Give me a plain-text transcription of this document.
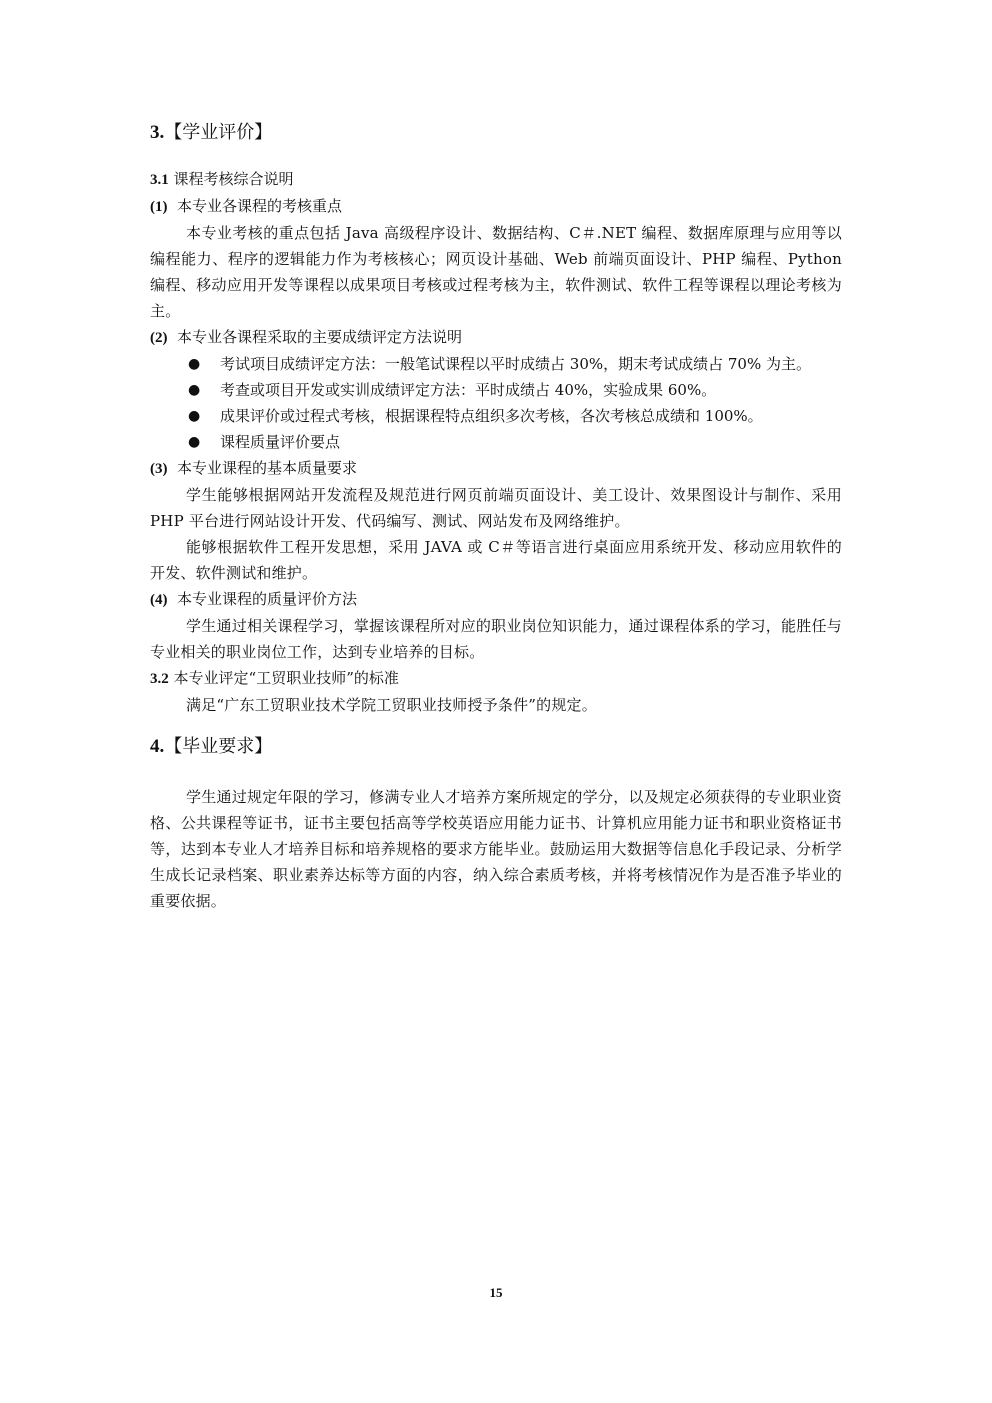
3.【学业评价】

3.1 课程考核综合说明

(1) 本专业各课程的考核重点

本专业考核的重点包括 Java 高级程序设计、数据结构、C＃.NET 编程、数据库原理与应用等以编程能力、程序的逻辑能力作为考核核心；网页设计基础、Web 前端页面设计、PHP 编程、Python 编程、移动应用开发等课程以成果项目考核或过程考核为主，软件测试、软件工程等课程以理论考核为主。

(2) 本专业各课程采取的主要成绩评定方法说明

● 考试项目成绩评定方法：一般笔试课程以平时成绩占 30%，期末考试成绩占 70% 为主。
● 考查或项目开发或实训成绩评定方法：平时成绩占 40%，实验成果 60%。
● 成果评价或过程式考核，根据课程特点组织多次考核，各次考核总成绩和 100%。
● 课程质量评价要点

(3) 本专业课程的基本质量要求

学生能够根据网站开发流程及规范进行网页前端页面设计、美工设计、效果图设计与制作、采用 PHP 平台进行网站设计开发、代码编写、测试、网站发布及网络维护。

能够根据软件工程开发思想，采用 JAVA 或 C＃等语言进行桌面应用系统开发、移动应用软件的开发、软件测试和维护。

(4) 本专业课程的质量评价方法

学生通过相关课程学习，掌握该课程所对应的职业岗位知识能力，通过课程体系的学习，能胜任与专业相关的职业岗位工作，达到专业培养的目标。

3.2 本专业评定“工贸职业技师”的标准

满足“广东工贸职业技术学院工贸职业技师授予条件”的规定。

4.【毕业要求】

学生通过规定年限的学习，修满专业人才培养方案所规定的学分，以及规定必须获得的专业职业资格、公共课程等证书，证书主要包括高等学校英语应用能力证书、计算机应用能力证书和职业资格证书等，达到本专业人才培养目标和培养规格的要求方能毕业。鼓励运用大数据等信息化手段记录、分析学生成长记录档案、职业素养达标等方面的内容，纳入综合素质考核，并将考核情况作为是否准予毕业的重要依据。

15
